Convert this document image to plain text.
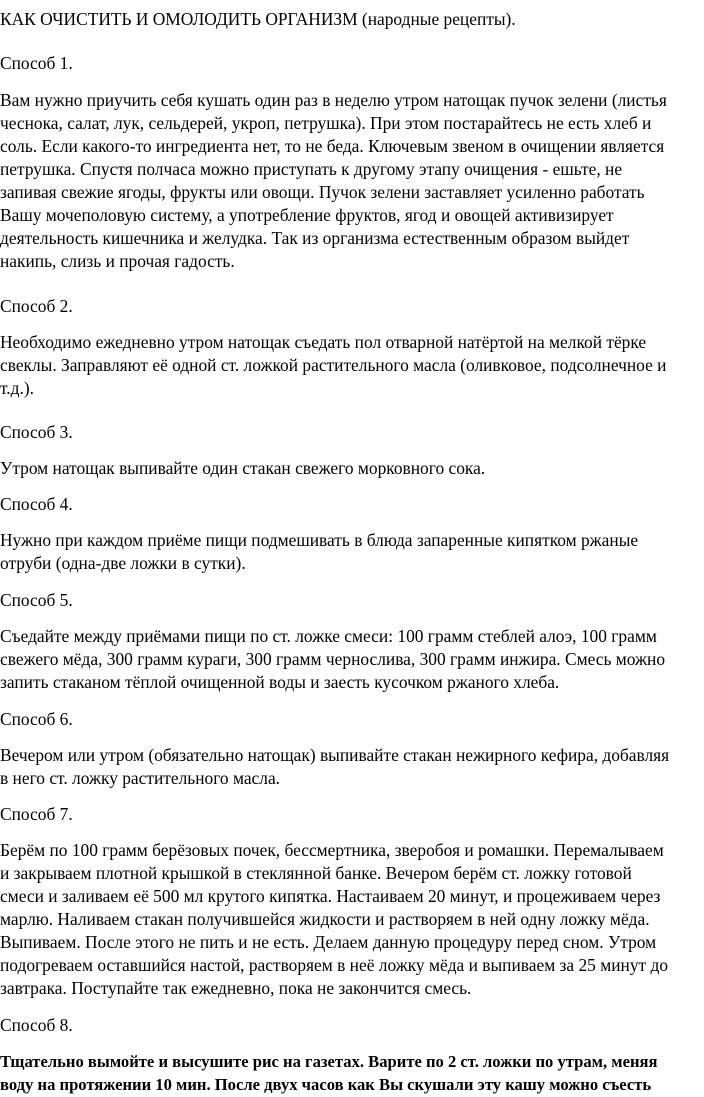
КАК ОЧИСТИТЬ И ОМОЛОДИТЬ ОРГАНИЗМ (народные рецепты).

Способ 1.

Вам нужно приучить себя кушать один раз в неделю утром натощак пучок зелени (листья

чеснока, салат, лук, сельдерей, укроп, петрушка). При этом постарайтесь не есть хлеб и

соль. Если какого-то ингредиента нет, то не беда. Ключевым звеном в очищении является

петрушка. Спустя полчаса можно приступать к другому этапу очищения - ешьте, не

запивая свежие ягоды, фрукты или овощи. Пучок зелени заставляет усиленно работать

Вашу мочеполовую систему, а употребление фруктов, ягод и овощей активизирует

деятельность кишечника и желудка. Так из организма естественным образом выйдет

накипь, слизь и прочая гадость.

Способ 2.

Необходимо ежедневно утром натощак съедать пол отварной натёртой на мелкой тёрке

свеклы. Заправляют её одной ст. ложкой растительного масла (оливковое, подсолнечное и

т.д.).

Способ 3.

Утром натощак выпивайте один стакан свежего морковного сока.

Способ 4.

Нужно при каждом приёме пищи подмешивать в блюда запаренные кипятком ржаные

отруби (одна-две ложки в сутки).

Способ 5.

Съедайте между приёмами пищи по ст. ложке смеси: 100 грамм стеблей алоэ, 100 грамм

свежего мёда, 300 грамм кураги, 300 грамм чернослива, 300 грамм инжира. Смесь можно

запить стаканом тёплой очищенной воды и заесть кусочком ржаного хлеба.

Способ 6.

Вечером или утром (обязательно натощак) выпивайте стакан нежирного кефира, добавляя

в него ст. ложку растительного масла.

Способ 7.

Берём по 100 грамм берёзовых почек, бессмертника, зверобоя и ромашки. Перемалываем

и закрываем плотной крышкой в стеклянной банке. Вечером берём ст. ложку готовой

смеси и заливаем её 500 мл крутого кипятка. Настаиваем 20 минут, и процеживаем через

марлю. Наливаем стакан получившейся жидкости и растворяем в ней одну ложку мёда.

Выпиваем. После этого не пить и не есть. Делаем данную процедуру перед сном. Утром

подогреваем оставшийся настой, растворяем в неё ложку мёда и выпиваем за 25 минут до

завтрака. Поступайте так ежедневно, пока не закончится смесь.

Способ 8.

Тщательно вымойте и высушите рис на газетах. Варите по 2 ст. ложки по утрам, меняя

воду на протяжении 10 мин. После двух часов как Вы скушали эту кашу можно съесть
